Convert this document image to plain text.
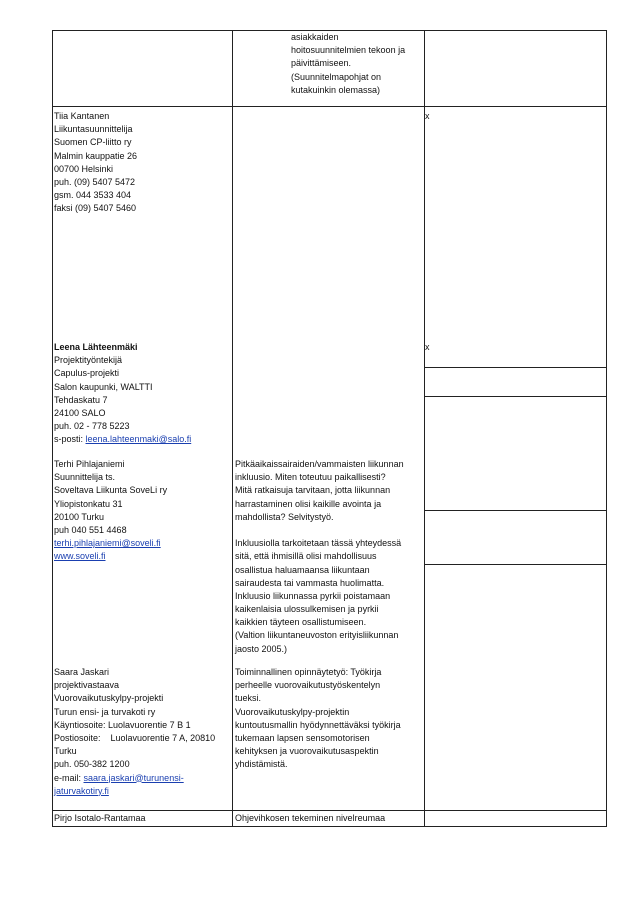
asiakkaiden
hoitosuunnitelmien tekoon ja
päivittämiseen.
(Suunnitelmapohjat on
kutakuinkin olemassa)
Tiia Kantanen
Liikuntasuunnittelija
Suomen CP-liitto ry
Malmin kauppatie 26
00700 Helsinki
puh. (09) 5407 5472
gsm. 044 3533 404
faksi (09) 5407 5460
x
Leena Lähteenmäki
Projektityöntekijä
Capulus-projekti
Salon kaupunki, WALTTI
Tehdaskatu 7
24100 SALO
puh. 02 - 778 5223
s-posti: leena.lahteenmaki@salo.fi
x
Terhi Pihlajaniemi
Suunnittelija ts.
Soveltava Liikunta SoveLi ry
Yliopistonkatu 31
20100 Turku
puh 040 551 4468
terhi.pihlajaniemi@soveli.fi
www.soveli.fi
Pitkäaikaissairaiden/vammaisten liikunnan
inkluusio. Miten toteutuu paikallisesti?
Mitä ratkaisuja tarvitaan, jotta liikunnan
harrastaminen olisi kaikille avointa ja
mahdollista? Selvitystyö.
Inkluusiolla tarkoitetaan tässä yhteydessä
sitä, että ihmisillä olisi mahdollisuus
osallistua haluamaansa liikuntaan
sairaudesta tai vammasta huolimatta.
Inkluusio liikunnassa pyrkii poistamaan
kaikenlaisia ulossulkemisen ja pyrkii
kaikkien täyteen osallistumiseen.
(Valtion liikuntaneuvoston erityisliikunnan
jaosto 2005.)
Saara Jaskari
projektivastaava
Vuorovaikutuskylpy-projekti
Turun ensi- ja turvakoti ry
Käyntiosoite: Luolavuorentie 7 B 1
Postiosoite:    Luolavuorentie 7 A, 20810
Turku
puh. 050-382 1200
e-mail: saara.jaskari@turunensi-
jaturvakotiry.fi
Toiminnallinen opinnäytetyö: Työkirja
perheelle vuorovaikutustyöskentelyn
tueksi.
Vuorovaikutuskylpy-projektin
kuntoutusmallin hyödynnettäväksi työkirja
tukemaan lapsen sensomotorisen
kehityksen ja vuorovaikutusaspektin
yhdistämistä.
Pirjo Isotalo-Rantamaa	Ohjevihkosen tekeminen nivelreumaa
